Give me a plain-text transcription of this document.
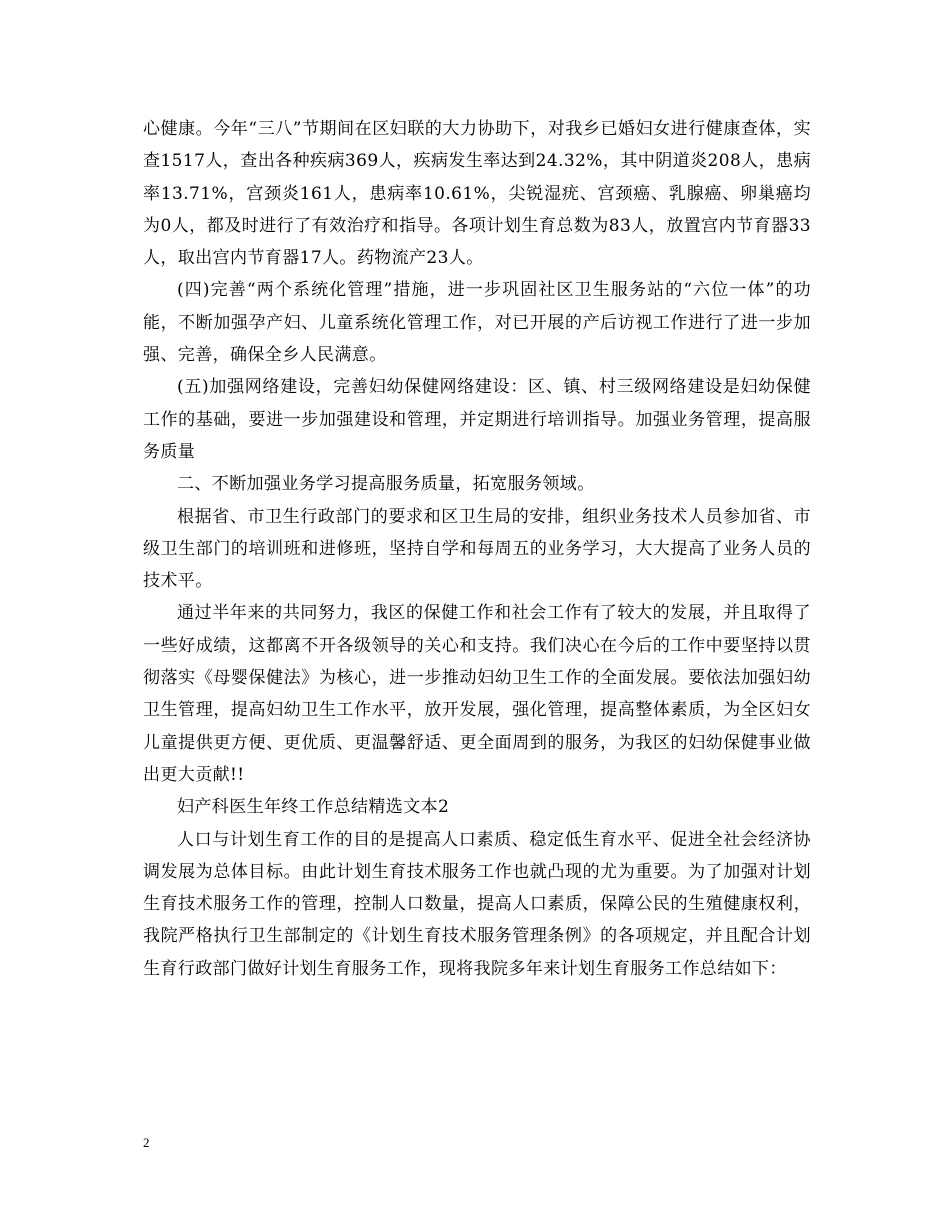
心健康。今年“三八”节期间在区妇联的大力协助下，对我乡已婚妇女进行健康查体，实查1517人，查出各种疾病369人，疾病发生率达到24.32%，其中阴道炎208人，患病率13.71%，宫颈炎161人，患病率10.61%，尖锐湿疣、宫颈癌、乳腺癌、卵巢癌均为0人，都及时进行了有效治疗和指导。各项计划生育总数为83人，放置宫内节育器33人，取出宫内节育器17人。药物流产23人。

(四)完善“两个系统化管理”措施，进一步巩固社区卫生服务站的“六位一体”的功能，不断加强孕产妇、儿童系统化管理工作，对已开展的产后访视工作进行了进一步加强、完善，确保全乡人民满意。

(五)加强网络建设，完善妇幼保健网络建设：区、镇、村三级网络建设是妇幼保健工作的基础，要进一步加强建设和管理，并定期进行培训指导。加强业务管理，提高服务质量

二、不断加强业务学习提高服务质量，拓宽服务领域。

根据省、市卫生行政部门的要求和区卫生局的安排，组织业务技术人员参加省、市级卫生部门的培训班和进修班，坚持自学和每周五的业务学习，大大提高了业务人员的技术平。

通过半年来的共同努力，我区的保健工作和社会工作有了较大的发展，并且取得了一些好成绩，这都离不开各级领导的关心和支持。我们决心在今后的工作中要坚持以贯彻落实《母婴保健法》为核心，进一步推动妇幼卫生工作的全面发展。要依法加强妇幼卫生管理，提高妇幼卫生工作水平，放开发展，强化管理，提高整体素质，为全区妇女儿童提供更方便、更优质、更温馨舒适、更全面周到的服务，为我区的妇幼保健事业做出更大贡献!!

妇产科医生年终工作总结精选文本2

人口与计划生育工作的目的是提高人口素质、稳定低生育水平、促进全社会经济协调发展为总体目标。由此计划生育技术服务工作也就凸现的尤为重要。为了加强对计划生育技术服务工作的管理，控制人口数量，提高人口素质，保障公民的生殖健康权利，我院严格执行卫生部制定的《计划生育技术服务管理条例》的各项规定，并且配合计划生育行政部门做好计划生育服务工作，现将我院多年来计划生育服务工作总结如下：

2
